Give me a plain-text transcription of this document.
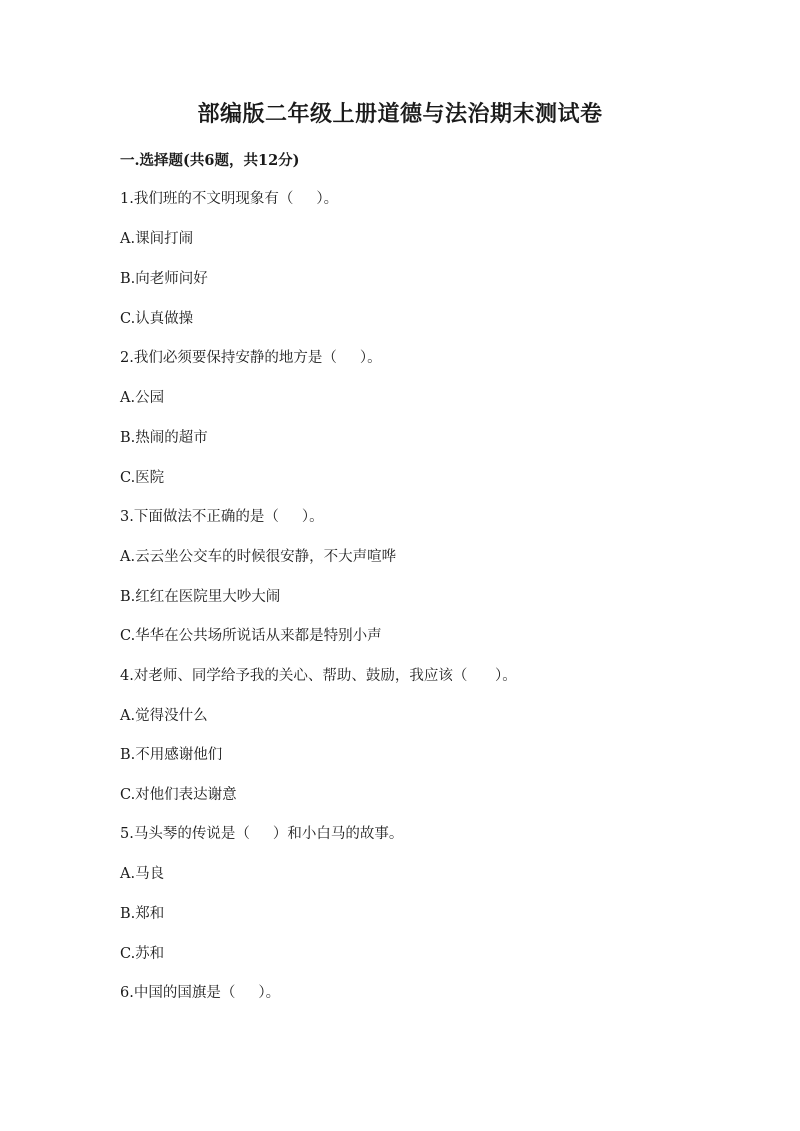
部编版二年级上册道德与法治期末测试卷
一.选择题(共6题，共12分)
1.我们班的不文明现象有（     ）。
A.课间打闹
B.向老师问好
C.认真做操
2.我们必须要保持安静的地方是（     ）。
A.公园
B.热闹的超市
C.医院
3.下面做法不正确的是（     ）。
A.云云坐公交车的时候很安静，不大声喧哗
B.红红在医院里大吵大闹
C.华华在公共场所说话从来都是特别小声
4.对老师、同学给予我的关心、帮助、鼓励，我应该（      ）。
A.觉得没什么
B.不用感谢他们
C.对他们表达谢意
5.马头琴的传说是（     ）和小白马的故事。
A.马良
B.郑和
C.苏和
6.中国的国旗是（     ）。
